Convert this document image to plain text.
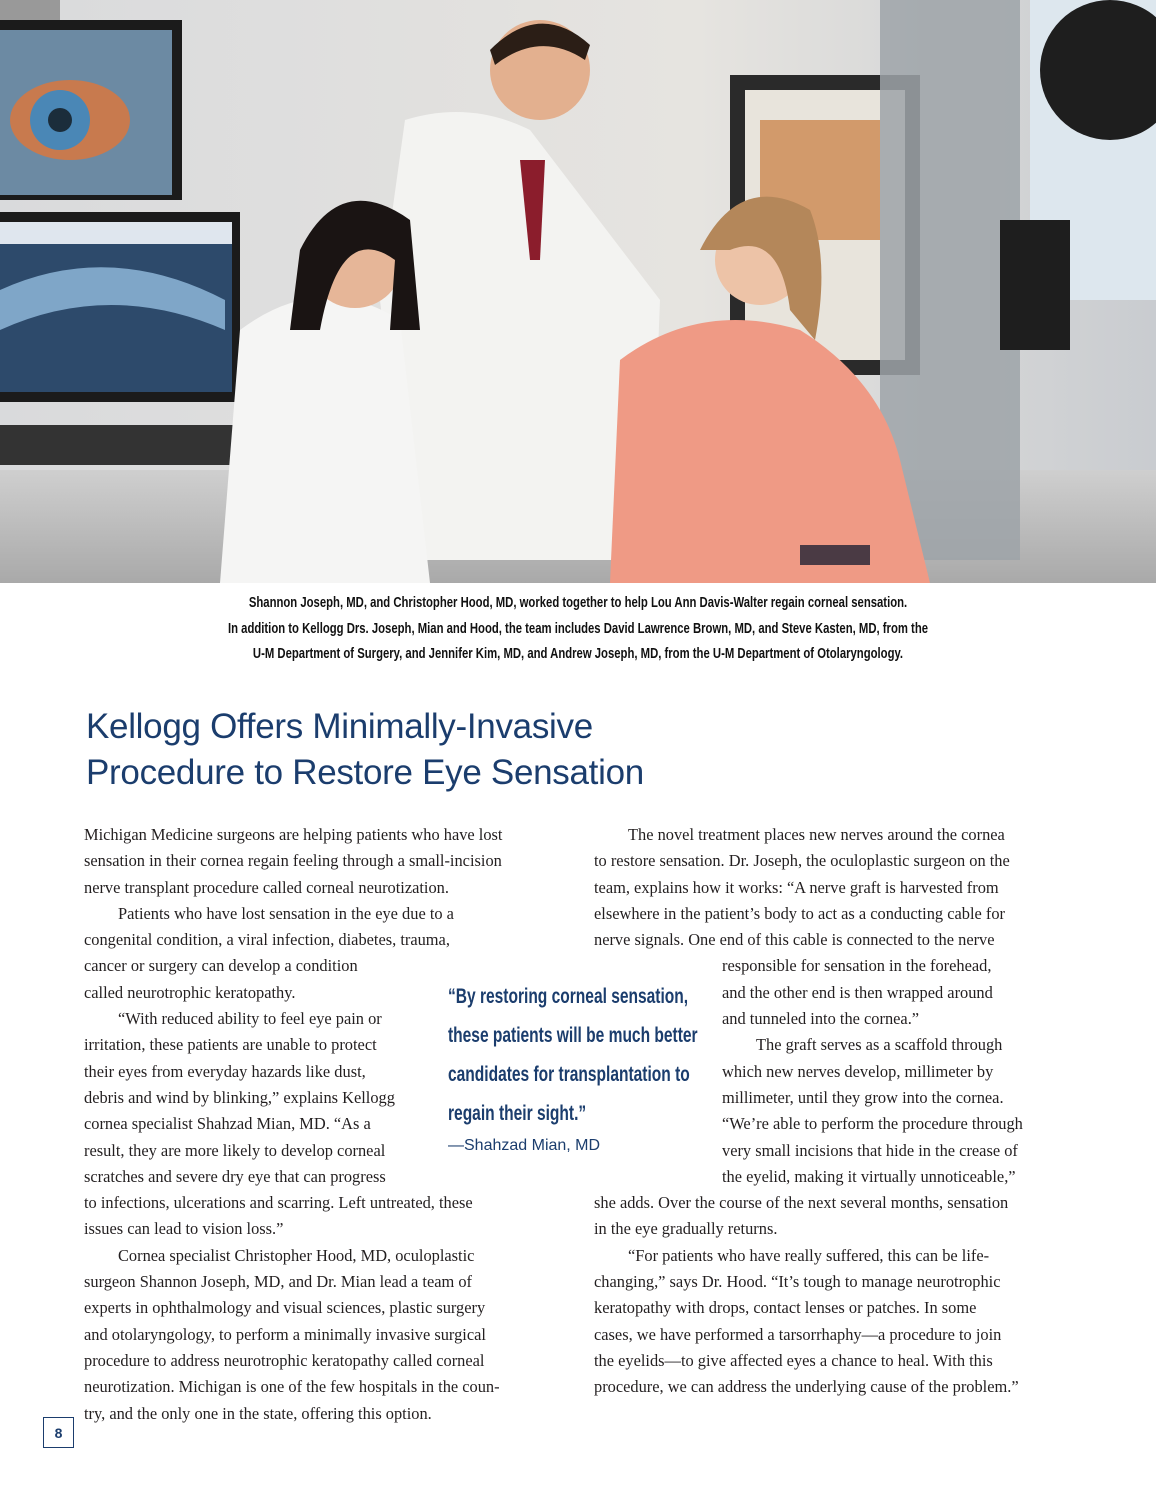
Shannon Joseph, MD, and Christopher Hood, MD, worked together to help Lou Ann Davis-Walter regain corneal sensation.
In addition to Kellogg Drs. Joseph, Mian and Hood, the team includes David Lawrence Brown, MD, and Steve Kasten, MD, from the
U-M Department of Surgery, and Jennifer Kim, MD, and Andrew Joseph, MD, from the U-M Department of Otolaryngology.
Kellogg Offers Minimally-Invasive
Procedure to Restore Eye Sensation
Michigan Medicine surgeons are helping patients who have lost
sensation in their cornea regain feeling through a small-incision
nerve transplant procedure called corneal neurotization.
Patients who have lost sensation in the eye due to a
congenital condition, a viral infection, diabetes, trauma,
cancer or surgery can develop a condition
called neurotrophic keratopathy.
“With reduced ability to feel eye pain or
irritation, these patients are unable to protect
their eyes from everyday hazards like dust,
debris and wind by blinking,” explains Kellogg
cornea specialist Shahzad Mian, MD. “As a
result, they are more likely to develop corneal
scratches and severe dry eye that can progress
to infections, ulcerations and scarring. Left untreated, these
issues can lead to vision loss.”
Cornea specialist Christopher Hood, MD, oculoplastic
surgeon Shannon Joseph, MD, and Dr. Mian lead a team of
experts in ophthalmology and visual sciences, plastic surgery
and otolaryngology, to perform a minimally invasive surgical
procedure to address neurotrophic keratopathy called corneal
neurotization. Michigan is one of the few hospitals in the coun-
try, and the only one in the state, offering this option.
The novel treatment places new nerves around the cornea
to restore sensation. Dr. Joseph, the oculoplastic surgeon on the
team, explains how it works: “A nerve graft is harvested from
elsewhere in the patient’s body to act as a conducting cable for
nerve signals. One end of this cable is connected to the nerve
responsible for sensation in the forehead,
and the other end is then wrapped around
and tunneled into the cornea.”
The graft serves as a scaffold through
which new nerves develop, millimeter by
millimeter, until they grow into the cornea.
“We’re able to perform the procedure through
very small incisions that hide in the crease of
the eyelid, making it virtually unnoticeable,”
she adds. Over the course of the next several months, sensation
in the eye gradually returns.
“For patients who have really suffered, this can be life-
changing,” says Dr. Hood. “It’s tough to manage neurotrophic
keratopathy with drops, contact lenses or patches. In some
cases, we have performed a tarsorrhaphy—a procedure to join
the eyelids—to give affected eyes a chance to heal. With this
procedure, we can address the underlying cause of the problem.”
“By restoring corneal sensation,
these patients will be much better
candidates for transplantation to
regain their sight.”
—Shahzad Mian, MD
8
